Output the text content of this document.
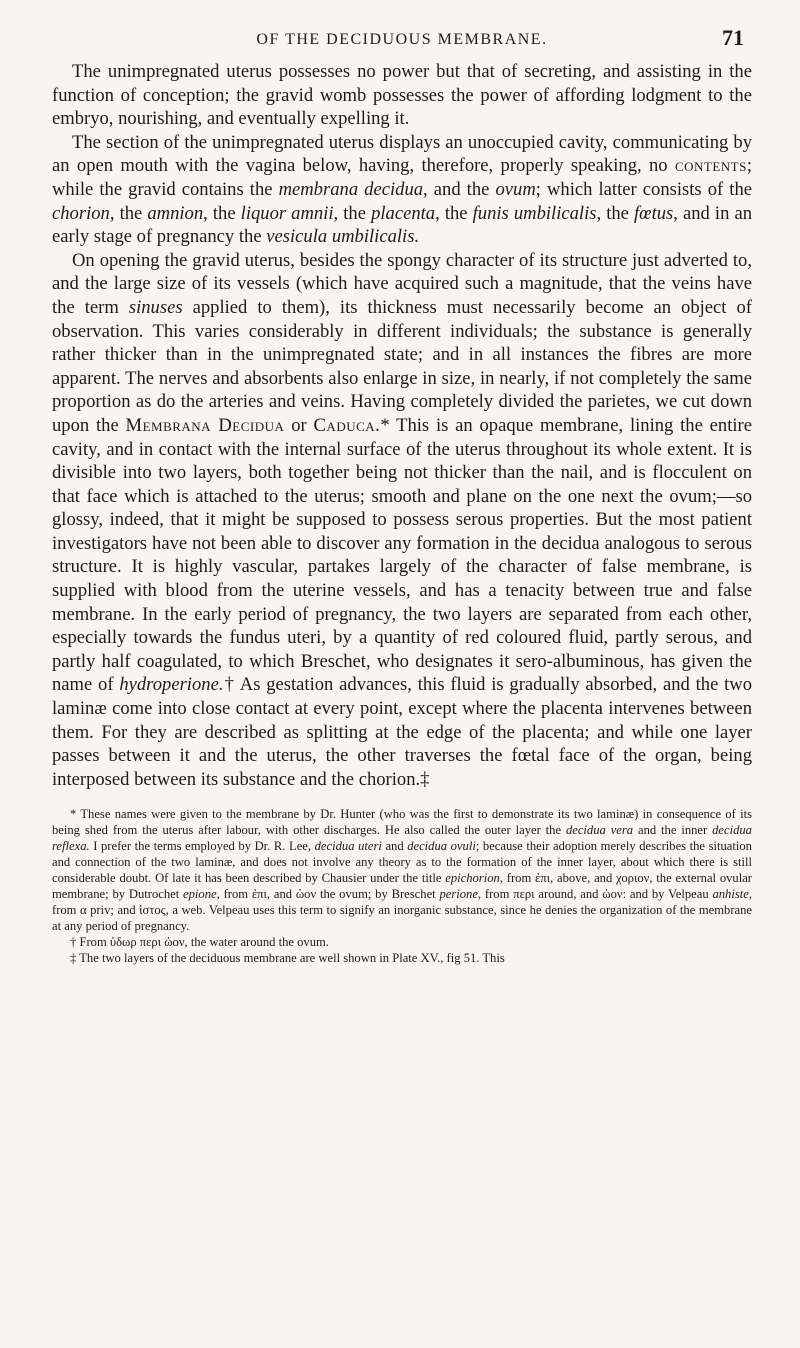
OF THE DECIDUOUS MEMBRANE.	71

The unimpregnated uterus possesses no power but that of secreting, and assisting in the function of conception; the gravid womb possesses the power of affording lodgment to the embryo, nourishing, and eventually expelling it.

The section of the unimpregnated uterus displays an unoccupied cavity, communicating by an open mouth with the vagina below, having, therefore, properly speaking, no contents; while the gravid contains the membrana decidua, and the ovum; which latter consists of the chorion, the amnion, the liquor amnii, the placenta, the funis umbilicalis, the fœtus, and in an early stage of pregnancy the vesicula umbilicalis.

On opening the gravid uterus, besides the spongy character of its structure just adverted to, and the large size of its vessels (which have acquired such a magnitude, that the veins have the term sinuses applied to them), its thickness must necessarily become an object of observation. This varies considerably in different individuals; the substance is generally rather thicker than in the unimpregnated state; and in all instances the fibres are more apparent. The nerves and absorbents also enlarge in size, in nearly, if not completely the same proportion as do the arteries and veins. Having completely divided the parietes, we cut down upon the Membrana Decidua or Caduca.* This is an opaque membrane, lining the entire cavity, and in contact with the internal surface of the uterus throughout its whole extent. It is divisible into two layers, both together being not thicker than the nail, and is flocculent on that face which is attached to the uterus; smooth and plane on the one next the ovum;—so glossy, indeed, that it might be supposed to possess serous properties. But the most patient investigators have not been able to discover any formation in the decidua analogous to serous structure. It is highly vascular, partakes largely of the character of false membrane, is supplied with blood from the uterine vessels, and has a tenacity between true and false membrane. In the early period of pregnancy, the two layers are separated from each other, especially towards the fundus uteri, by a quantity of red coloured fluid, partly serous, and partly half coagulated, to which Breschet, who designates it sero-albuminous, has given the name of hydroperione.† As gestation advances, this fluid is gradually absorbed, and the two laminæ come into close contact at every point, except where the placenta intervenes between them. For they are described as splitting at the edge of the placenta; and while one layer passes between it and the uterus, the other traverses the fœtal face of the organ, being interposed between its substance and the chorion.‡

* These names were given to the membrane by Dr. Hunter (who was the first to demonstrate its two laminæ) in consequence of its being shed from the uterus after labour, with other discharges. He also called the outer layer the decidua vera and the inner decidua reflexa. I prefer the terms employed by Dr. R. Lee, decidua uteri and decidua ovuli; because their adoption merely describes the situation and connection of the two laminæ, and does not involve any theory as to the formation of the inner layer, about which there is still considerable doubt. Of late it has been described by Chausier under the title epichorion, from ἐπι, above, and χοριον, the external ovular membrane; by Dutrochet epione, from ἐπι, and ὠον the ovum; by Breschet perione, from περι around, and ὠον: and by Velpeau anhiste, from α priv; and ἱστος, a web. Velpeau uses this term to signify an inorganic substance, since he denies the organization of the membrane at any period of pregnancy.

† From ὑδωρ περι ὠον, the water around the ovum.

‡ The two layers of the deciduous membrane are well shown in Plate XV., fig 51. This
